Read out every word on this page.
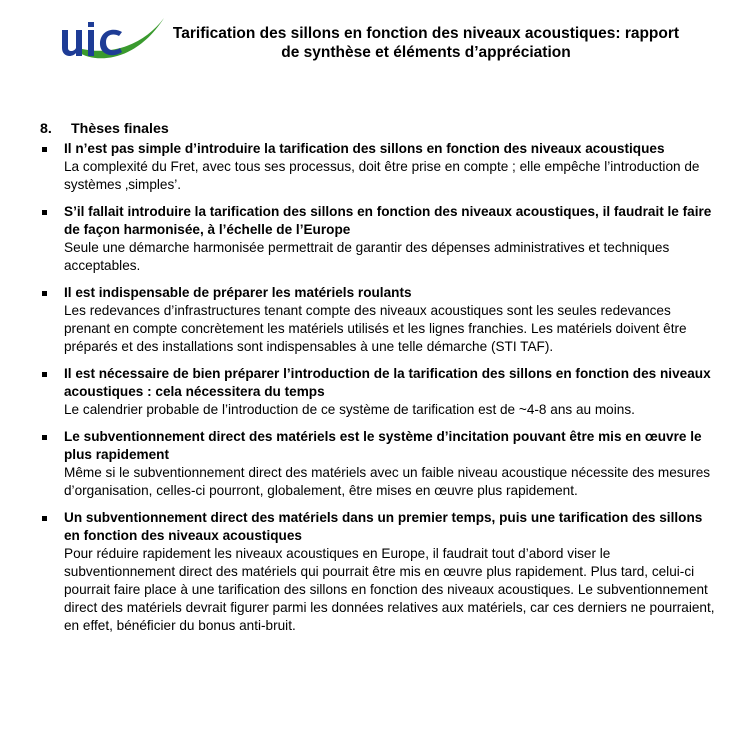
Tarification des sillons en fonction des niveaux acoustiques: rapport de synthèse et éléments d’appréciation
8. Thèses finales
Il n’est pas simple d’introduire la tarification des sillons en fonction des niveaux acoustiques
La complexité du Fret, avec tous ses processus, doit être prise en compte ; elle empêche l’introduction de systèmes ‚simples’.
S’il fallait introduire la tarification des sillons en fonction des niveaux acoustiques, il faudrait le faire de façon harmonisée, à l’échelle de l’Europe
Seule une démarche harmonisée permettrait de garantir des dépenses administratives et techniques acceptables.
Il est indispensable de préparer les matériels roulants
Les redevances d’infrastructures tenant compte des niveaux acoustiques sont les seules redevances prenant en compte concrètement les matériels utilisés et les lignes franchies. Les matériels doivent être préparés et des installations sont indispensables à une telle démarche (STI TAF).
Il est nécessaire de bien préparer l’introduction de la tarification des sillons en fonction des niveaux acoustiques : cela nécessitera du temps
Le calendrier probable de l’introduction de ce système de tarification est de ~4-8 ans au moins.
Le subventionnement direct des matériels est le système d’incitation pouvant être mis en œuvre le plus rapidement
Même si le subventionnement direct des matériels avec un faible niveau acoustique nécessite des mesures d’organisation, celles-ci pourront, globalement, être mises en œuvre plus rapidement.
Un subventionnement direct des matériels dans un premier temps, puis une tarification des sillons en fonction des niveaux acoustiques
Pour réduire rapidement les niveaux acoustiques en Europe, il faudrait tout d’abord viser le subventionnement direct des matériels qui pourrait être mis en œuvre plus rapidement. Plus tard, celui-ci pourrait faire place à une tarification des sillons en fonction des niveaux acoustiques. Le subventionnement direct des matériels devrait figurer parmi les données relatives aux matériels, car ces derniers ne pourraient, en effet, bénéficier du bonus anti-bruit.
